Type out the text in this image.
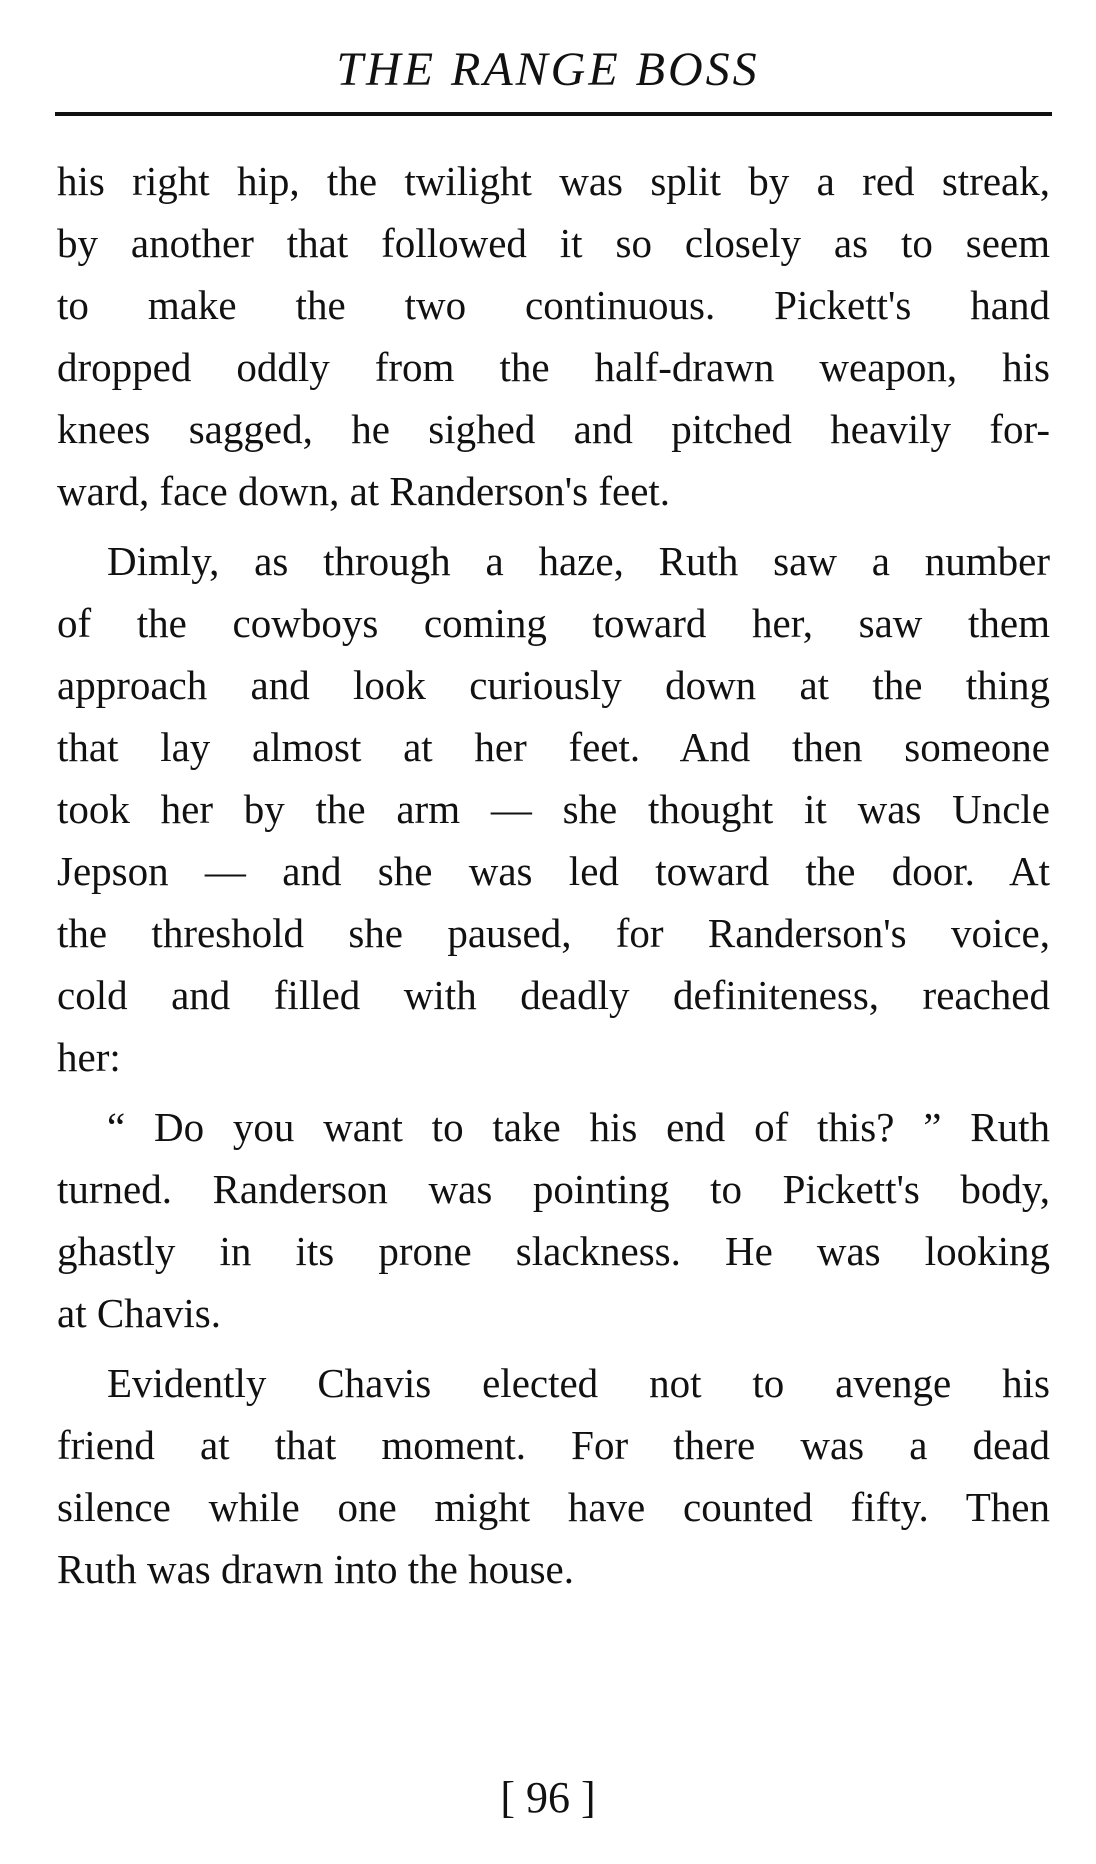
THE RANGE BOSS
his right hip, the twilight was split by a red streak,
by another that followed it so closely as to seem
to make the two continuous. Pickett's hand
dropped oddly from the half-drawn weapon, his
knees sagged, he sighed and pitched heavily for-
ward, face down, at Randerson's feet.
Dimly, as through a haze, Ruth saw a number
of the cowboys coming toward her, saw them
approach and look curiously down at the thing
that lay almost at her feet. And then someone
took her by the arm — she thought it was Uncle
Jepson — and she was led toward the door. At
the threshold she paused, for Randerson's voice,
cold and filled with deadly definiteness, reached
her:
“ Do you want to take his end of this? ” Ruth
turned. Randerson was pointing to Pickett's body,
ghastly in its prone slackness. He was looking
at Chavis.
Evidently Chavis elected not to avenge his
friend at that moment. For there was a dead
silence while one might have counted fifty. Then
Ruth was drawn into the house.
[ 96 ]
